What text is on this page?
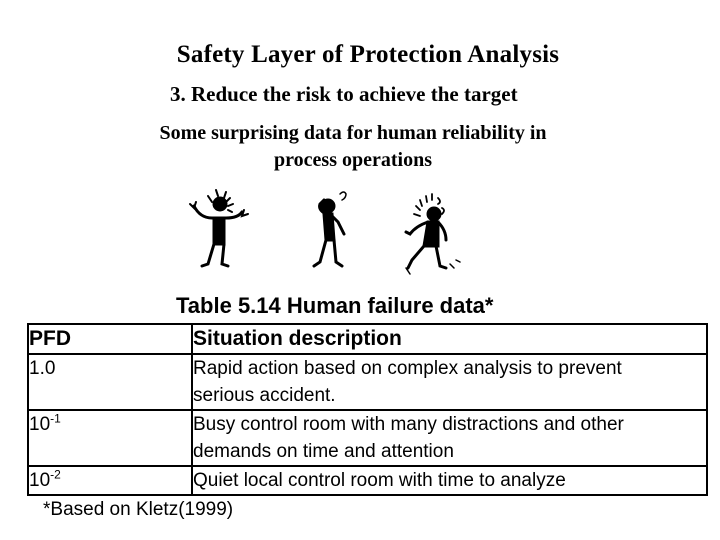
Safety Layer of Protection Analysis
3. Reduce the risk to achieve the target
Some surprising data for human reliability in
process operations
Table 5.14 Human failure data*
PFD	Situation description
1.0	Rapid action based on complex analysis to prevent
serious accident.

$10^{-1}$	Busy control room with many distractions and other
demands on time and attention

$10^{-2}$	Quiet local control room with time to analyze
*Based on Kletz(1999)
